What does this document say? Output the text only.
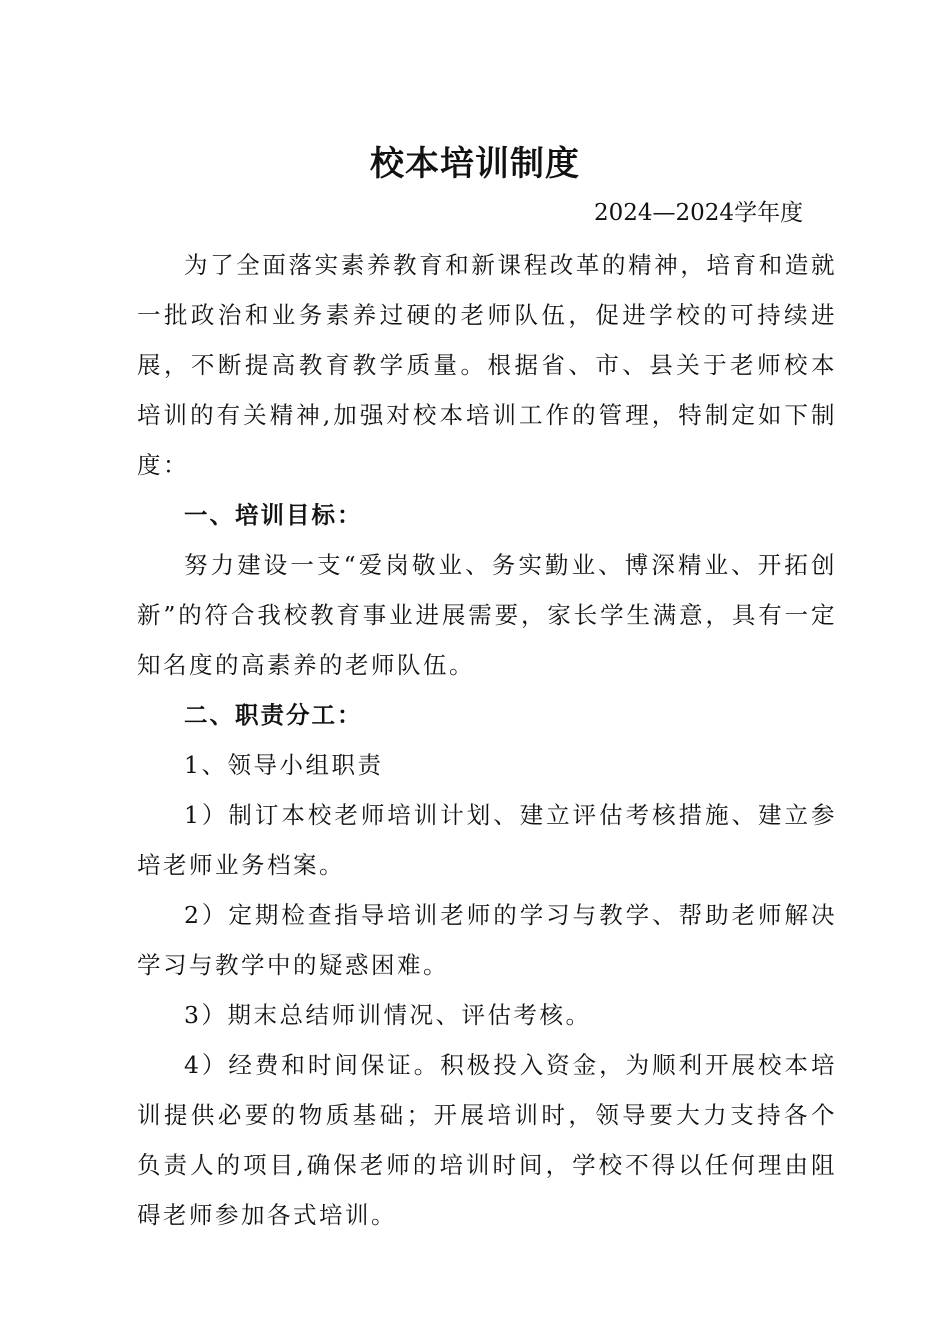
校本培训制度
2024—2024学年度

为了全面落实素养教育和新课程改革的精神，培育和造就一批政治和业务素养过硬的老师队伍，促进学校的可持续进展，不断提高教育教学质量。根据省、市、县关于老师校本培训的有关精神,加强对校本培训工作的管理，特制定如下制度：

一、培训目标：

努力建设一支“爱岗敬业、务实勤业、博深精业、开拓创新”的符合我校教育事业进展需要，家长学生满意，具有一定知名度的高素养的老师队伍。

二、职责分工：

1、领导小组职责

1）制订本校老师培训计划、建立评估考核措施、建立参培老师业务档案。

2）定期检查指导培训老师的学习与教学、帮助老师解决学习与教学中的疑惑困难。

3）期末总结师训情况、评估考核。

4）经费和时间保证。积极投入资金，为顺利开展校本培训提供必要的物质基础；开展培训时，领导要大力支持各个负责人的项目,确保老师的培训时间，学校不得以任何理由阻碍老师参加各式培训。
